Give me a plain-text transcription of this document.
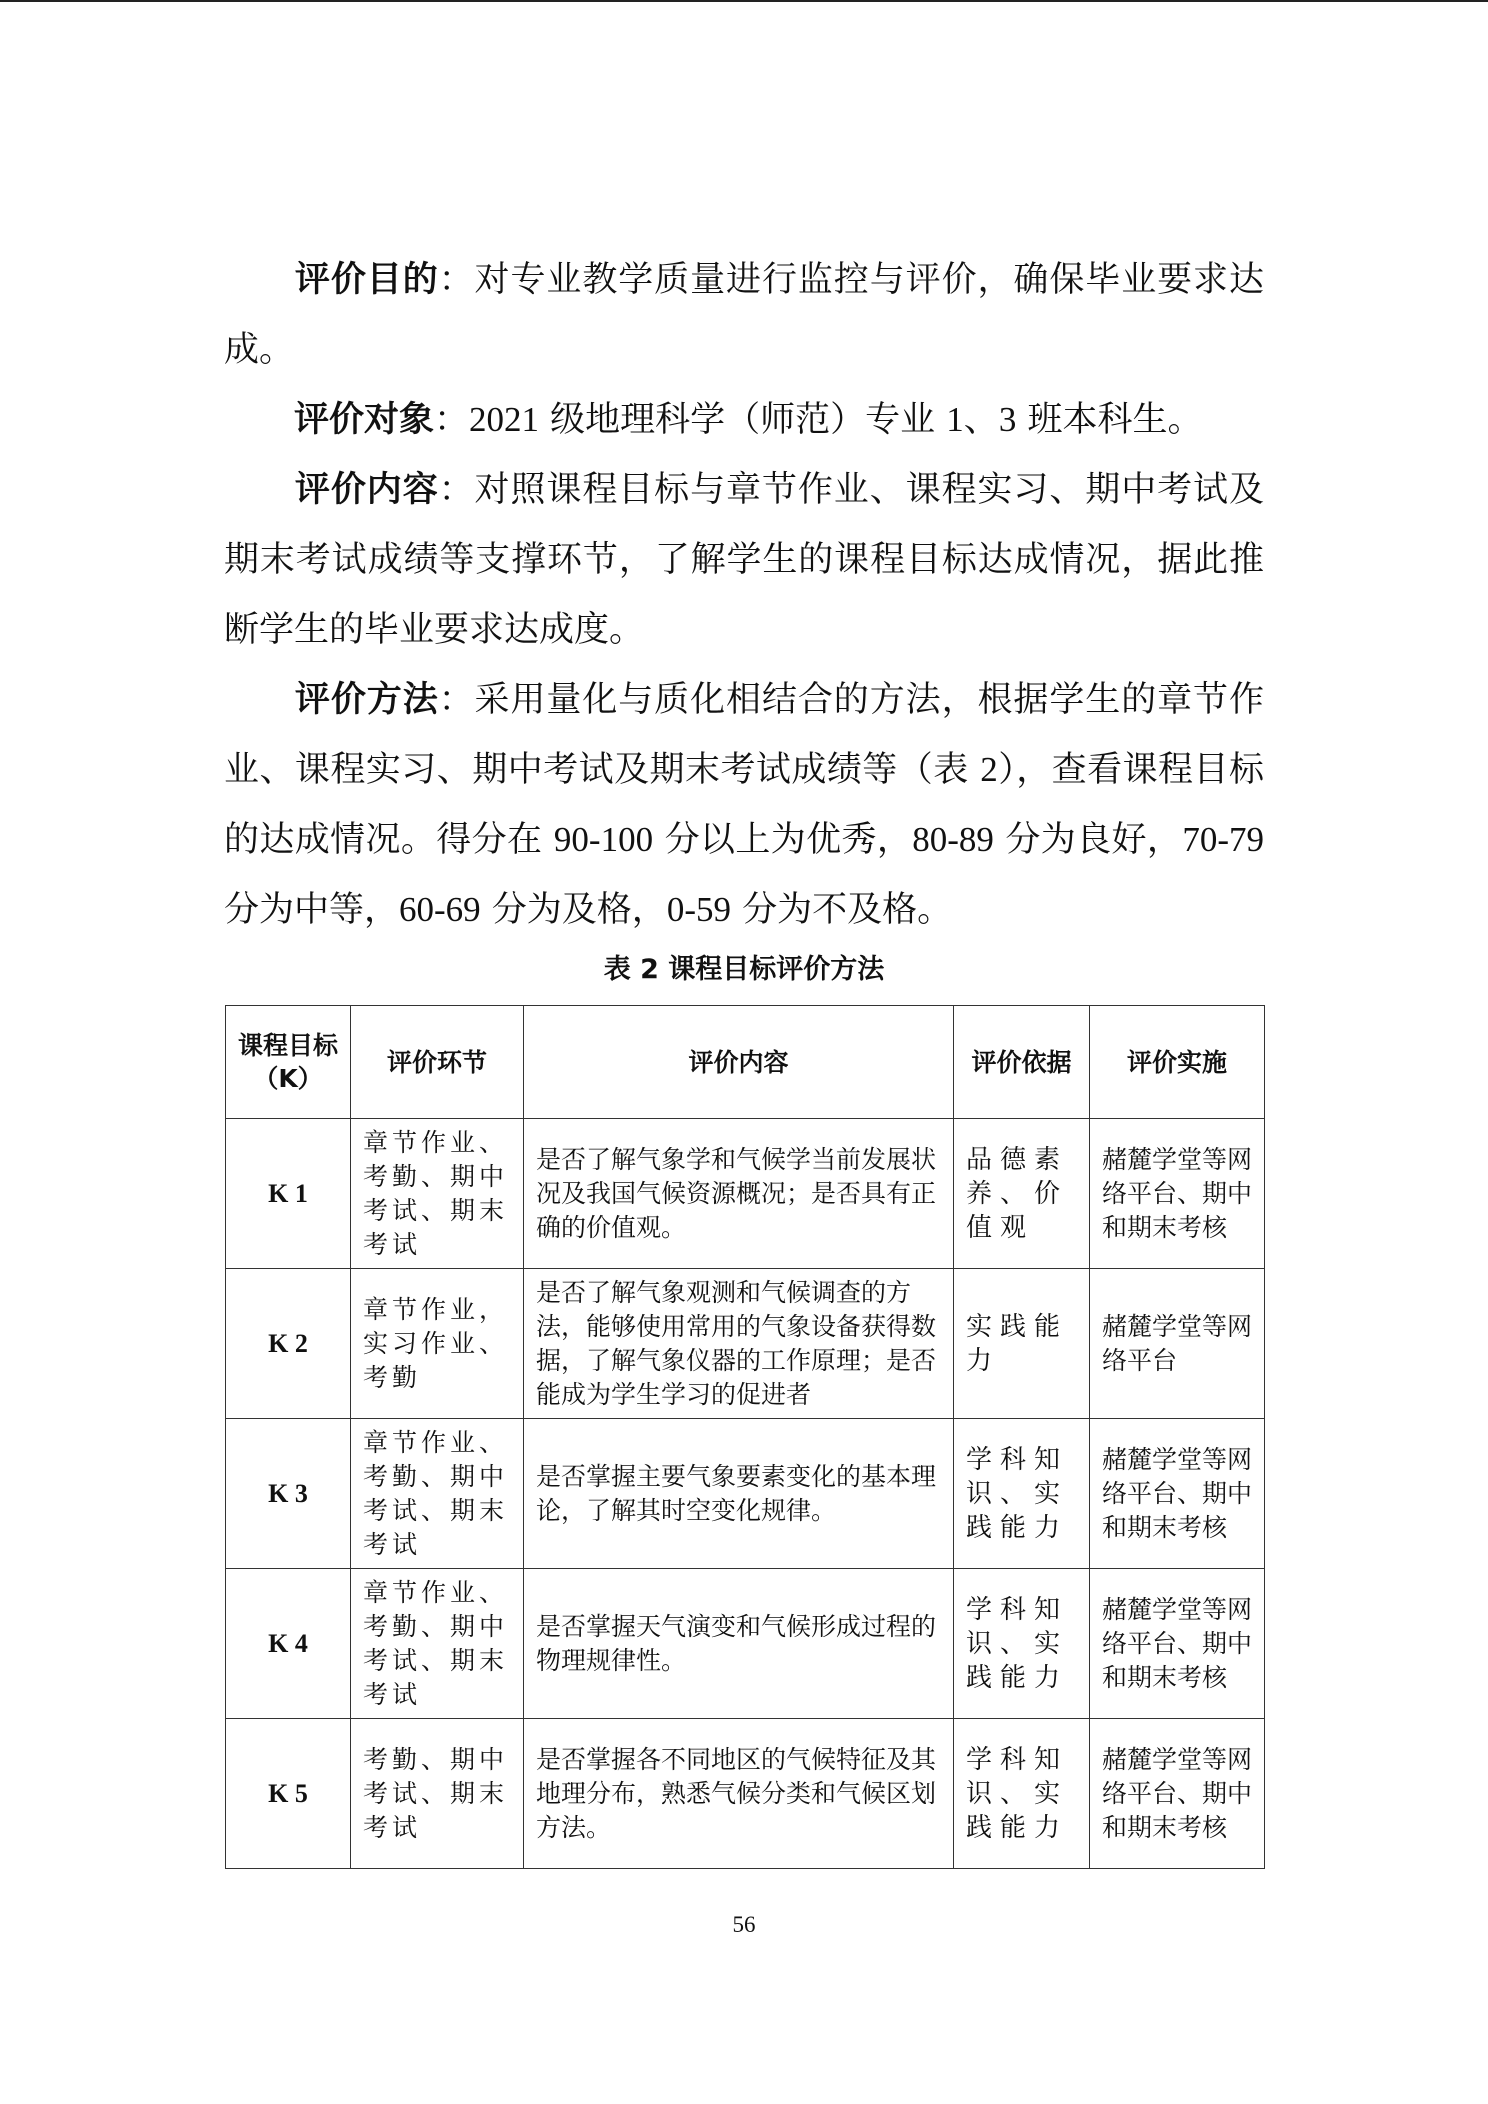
评价目的：对专业教学质量进行监控与评价，确保毕业要求达成。

评价对象：2021 级地理科学（师范）专业 1、3 班本科生。

评价内容：对照课程目标与章节作业、课程实习、期中考试及期末考试成绩等支撑环节，了解学生的课程目标达成情况，据此推断学生的毕业要求达成度。

评价方法：采用量化与质化相结合的方法，根据学生的章节作业、课程实习、期中考试及期末考试成绩等（表 2），查看课程目标的达成情况。得分在 90-100 分以上为优秀，80-89 分为良好，70-79 分为中等，60-69 分为及格，0-59 分为不及格。

表 2 课程目标评价方法
课程目标（K）	评价环节	评价内容	评价依据	评价实施
K 1	章节作业、考勤、期中考试、期末考试	是否了解气象学和气候学当前发展状况及我国气候资源概况；是否具有正确的价值观。	品德素养、价值观	赭麓学堂等网络平台、期中和期末考核
K 2	章节作业，实习作业、考勤	是否了解气象观测和气候调查的方法，能够使用常用的气象设备获得数据，了解气象仪器的工作原理；是否能成为学生学习的促进者	实践能力	赭麓学堂等网络平台
K 3	章节作业、考勤、期中考试、期末考试	是否掌握主要气象要素变化的基本理论，了解其时空变化规律。	学科知识、实践能力	赭麓学堂等网络平台、期中和期末考核
K 4	章节作业、考勤、期中考试、期末考试	是否掌握天气演变和气候形成过程的物理规律性。	学科知识、实践能力	赭麓学堂等网络平台、期中和期末考核
K 5	考勤、期中考试、期末考试	是否掌握各不同地区的气候特征及其地理分布，熟悉气候分类和气候区划方法。	学科知识、实践能力	赭麓学堂等网络平台、期中和期末考核
56
